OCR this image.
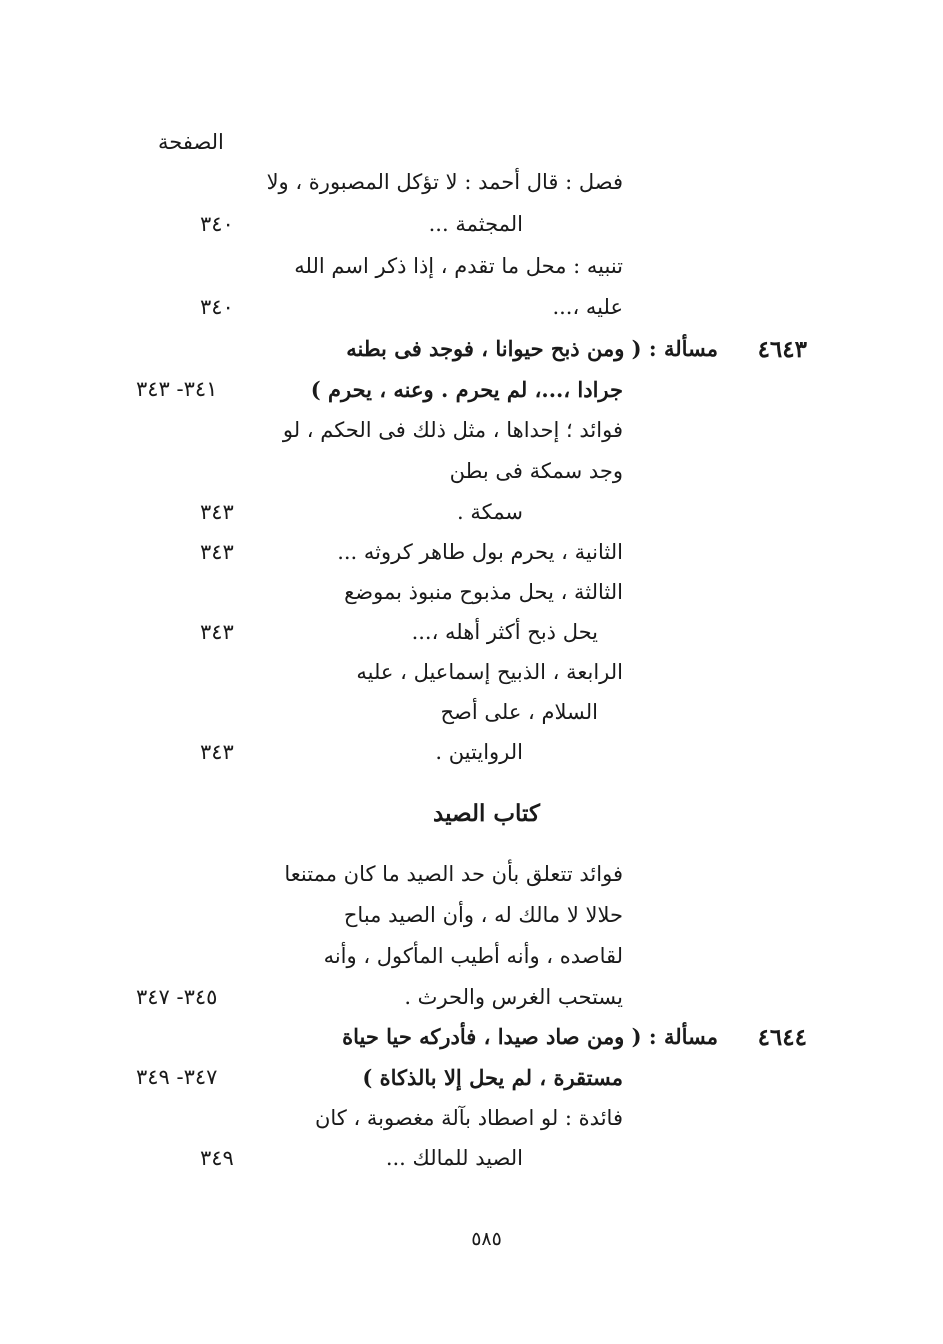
الصفحة
فصل : قال أحمد : لا تؤكل المصبورة ، ولا
المجثمة ...
٣٤٠
تنبيه : محل ما تقدم ، إذا ذكر اسم الله
عليه ،...
٣٤٠
٤٦٤٣
مسألة : ( ومن ذبح حيوانا ، فوجد فى بطنه
جرادا ،...، لم يحرم . وعنه ، يحرم )
٣٤١- ٣٤٣
فوائد ؛ إحداها ، مثل ذلك فى الحكم ، لو
وجد سمكة فى بطن
سمكة .
٣٤٣
الثانية ، يحرم بول طاهر كروثه ...
٣٤٣
الثالثة ، يحل مذبوح منبوذ بموضع
يحل ذبح أكثر أهله ،...
٣٤٣
الرابعة ، الذبيح إسماعيل ، عليه
السلام ، على أصح
الروايتين .
٣٤٣
كتاب الصيد
فوائد تتعلق بأن حد الصيد ما كان ممتنعا
حلالا لا مالك له ، وأن الصيد مباح
لقاصده ، وأنه أطيب المأكول ، وأنه
يستحب الغرس والحرث .
٣٤٥- ٣٤٧
٤٦٤٤
مسألة : ( ومن صاد صيدا ، فأدركه حيا حياة
مستقرة ، لم يحل إلا بالذكاة )
٣٤٧- ٣٤٩
فائدة : لو اصطاد بآلة مغصوبة ، كان
الصيد للمالك ...
٣٤٩
٥٨٥
